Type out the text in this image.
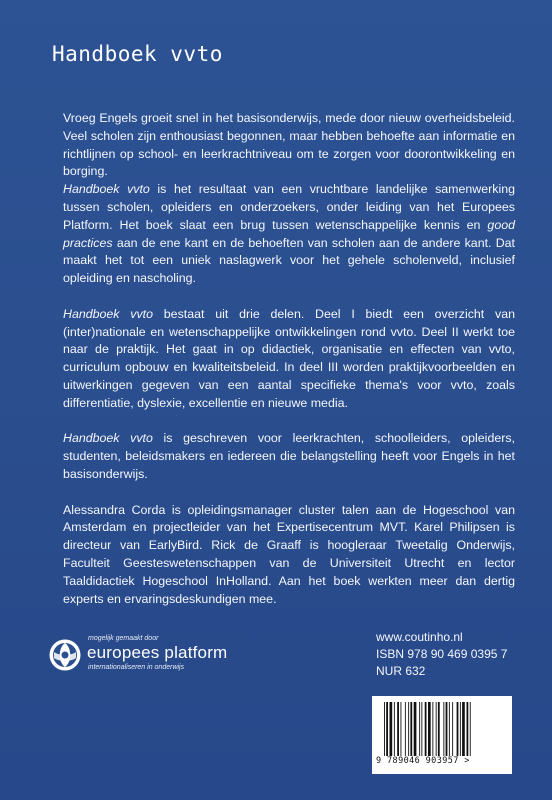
Handboek vvto

Vroeg Engels groeit snel in het basisonderwijs, mede door nieuw overheidsbeleid. Veel scholen zijn enthousiast begonnen, maar hebben behoefte aan informatie en richtlijnen op school- en leerkrachtniveau om te zorgen voor doorontwikkeling en borging.

Handboek vvto is het resultaat van een vruchtbare landelijke samenwerking tussen scholen, opleiders en onderzoekers, onder leiding van het Europees Platform. Het boek slaat een brug tussen wetenschappelijke kennis en good practices aan de ene kant en de behoeften van scholen aan de andere kant. Dat maakt het tot een uniek naslagwerk voor het gehele scholenveld, inclusief opleiding en nascholing.

Handboek vvto bestaat uit drie delen. Deel I biedt een overzicht van (inter)nationale en wetenschappelijke ontwikkelingen rond vvto. Deel II werkt toe naar de praktijk. Het gaat in op didactiek, organisatie en effecten van vvto, curriculum opbouw en kwaliteitsbeleid. In deel III worden praktijkvoorbeelden en uitwerkingen gegeven van een aantal specifieke thema's voor vvto, zoals differentiatie, dyslexie, excellentie en nieuwe media.

Handboek vvto is geschreven voor leerkrachten, schoolleiders, opleiders, studenten, beleidsmakers en iedereen die belangstelling heeft voor Engels in het basisonderwijs.

Alessandra Corda is opleidingsmanager cluster talen aan de Hogeschool van Amsterdam en projectleider van het Expertisecentrum MVT. Karel Philipsen is directeur van EarlyBird. Rick de Graaff is hoogleraar Tweetalig Onderwijs, Faculteit Geesteswetenschappen van de Universiteit Utrecht en lector Taaldidactiek Hogeschool InHolland. Aan het boek werkten meer dan dertig experts en ervaringsdeskundigen mee.

mogelijk gemaakt door
europees platform
internationaliseren in onderwijs
www.coutinho.nl
ISBN 978 90 469 0395 7
NUR 632
9 789046 903957 >
